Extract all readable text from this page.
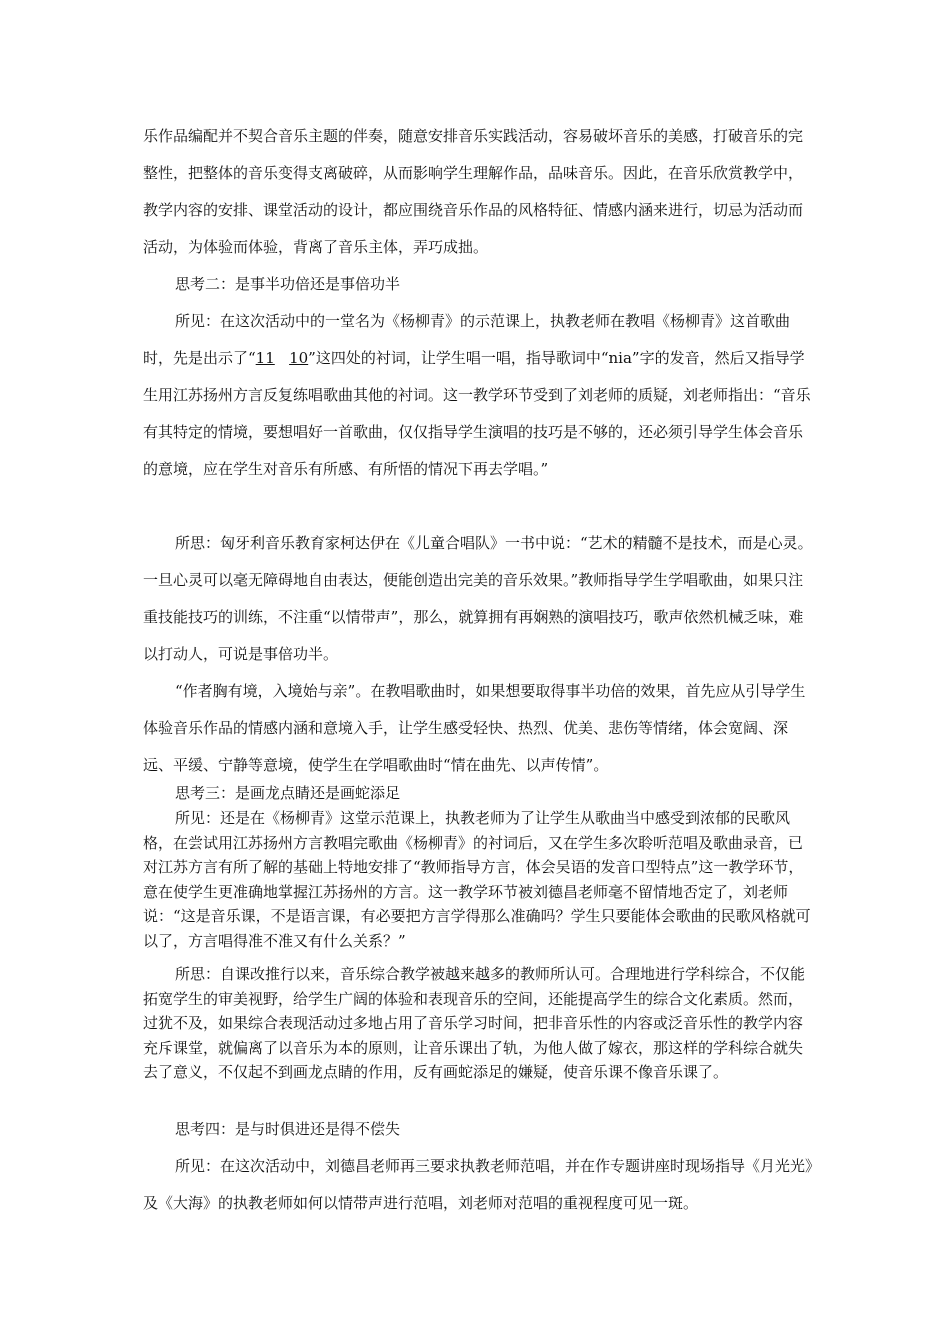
乐作品编配并不契合音乐主题的伴奏，随意安排音乐实践活动，容易破坏音乐的美感，打破音乐的完整性，把整体的音乐变得支离破碎，从而影响学生理解作品，品味音乐。因此，在音乐欣赏教学中，教学内容的安排、课堂活动的设计，都应围绕音乐作品的风格特征、情感内涵来进行，切忌为活动而活动，为体验而体验，背离了音乐主体，弄巧成拙。

思考二：是事半功倍还是事倍功半

所见：在这次活动中的一堂名为《杨柳青》的示范课上，执教老师在教唱《杨柳青》这首歌曲时，先是出示了“11 10”这四处的衬词，让学生唱一唱，指导歌词中“nia”字的发音，然后又指导学生用江苏扬州方言反复练唱歌曲其他的衬词。这一教学环节受到了刘老师的质疑，刘老师指出：“音乐有其特定的情境，要想唱好一首歌曲，仅仅指导学生演唱的技巧是不够的，还必须引导学生体会音乐的意境，应在学生对音乐有所感、有所悟的情况下再去学唱。”

所思：匈牙利音乐教育家柯达伊在《儿童合唱队》一书中说：“艺术的精髓不是技术，而是心灵。一旦心灵可以毫无障碍地自由表达，便能创造出完美的音乐效果。”教师指导学生学唱歌曲，如果只注重技能技巧的训练，不注重“以情带声”，那么，就算拥有再娴熟的演唱技巧，歌声依然机械乏味，难以打动人，可说是事倍功半。

“作者胸有境，入境始与亲”。在教唱歌曲时，如果想要取得事半功倍的效果，首先应从引导学生体验音乐作品的情感内涵和意境入手，让学生感受轻快、热烈、优美、悲伤等情绪，体会宽阔、深远、平缓、宁静等意境，使学生在学唱歌曲时“情在曲先、以声传情”。

思考三：是画龙点睛还是画蛇添足

所见：还是在《杨柳青》这堂示范课上，执教老师为了让学生从歌曲当中感受到浓郁的民歌风格，在尝试用江苏扬州方言教唱完歌曲《杨柳青》的衬词后，又在学生多次聆听范唱及歌曲录音，已对江苏方言有所了解的基础上特地安排了“教师指导方言，体会吴语的发音口型特点”这一教学环节，意在使学生更准确地掌握江苏扬州的方言。这一教学环节被刘德昌老师毫不留情地否定了，刘老师说：“这是音乐课，不是语言课，有必要把方言学得那么准确吗？学生只要能体会歌曲的民歌风格就可以了，方言唱得准不准又有什么关系？”

所思：自课改推行以来，音乐综合教学被越来越多的教师所认可。合理地进行学科综合，不仅能拓宽学生的审美视野，给学生广阔的体验和表现音乐的空间，还能提高学生的综合文化素质。然而，过犹不及，如果综合表现活动过多地占用了音乐学习时间，把非音乐性的内容或泛音乐性的教学内容充斥课堂，就偏离了以音乐为本的原则，让音乐课出了轨，为他人做了嫁衣，那这样的学科综合就失去了意义，不仅起不到画龙点睛的作用，反有画蛇添足的嫌疑，使音乐课不像音乐课了。

思考四：是与时俱进还是得不偿失

所见：在这次活动中，刘德昌老师再三要求执教老师范唱，并在作专题讲座时现场指导《月光光》及《大海》的执教老师如何以情带声进行范唱，刘老师对范唱的重视程度可见一斑。
